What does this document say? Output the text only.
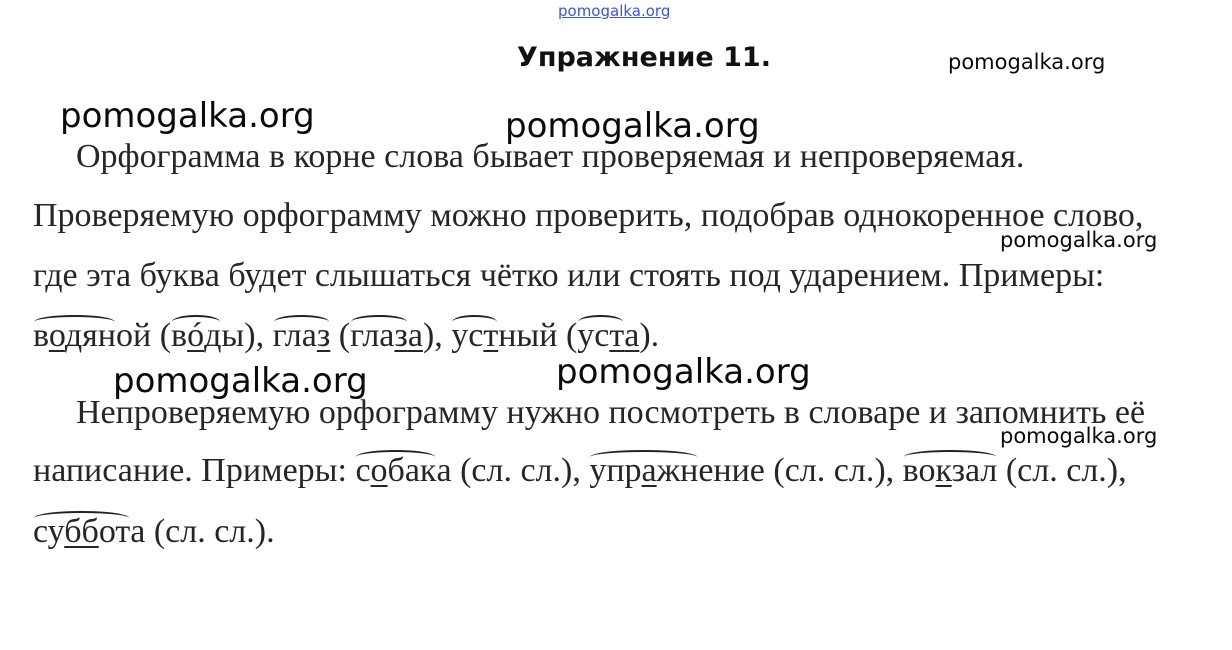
pomogalka.org
Упражнение 11.	pomogalka.org
pomogalka.org	pomogalka.org
pomogalka.org
pomogalka.org	pomogalka.org
pomogalka.org
Орфограмма в корне слова бывает проверяемая и непроверяемая.
Проверяемую орфограмму можно проверить, подобрав однокоренное слово,
где эта буква будет слышаться чётко или стоять под ударением. Примеры:
водяной (вóды), глаз (глаза), устный (уста).
Непроверяемую орфограмму нужно посмотреть в словаре и запомнить её
написание. Примеры: собака (сл. сл.), упражнение (сл. сл.), вокзал (сл. сл.),
суббота (сл. сл.).
